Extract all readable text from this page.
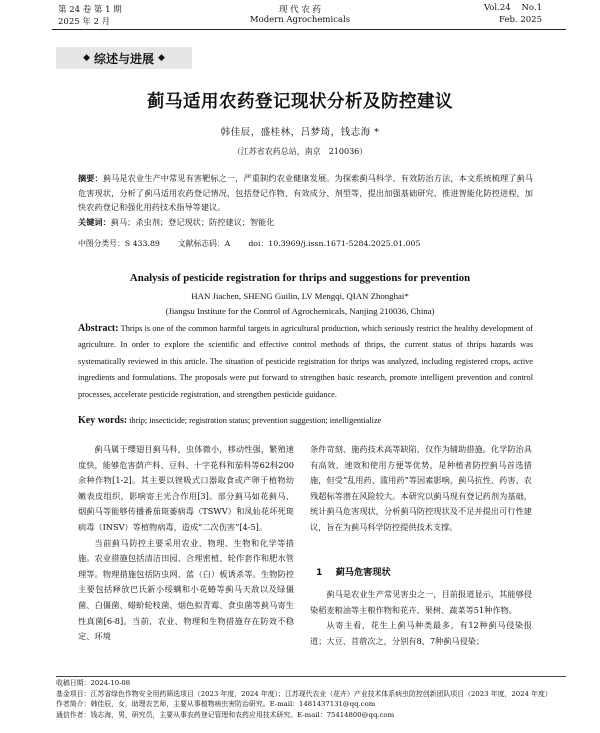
第 24 卷 第 1 期
2025 年 2 月
现 代 农 药
Modern Agrochemicals
Vol.24    No.1
Feb. 2025
◆ 综述与进展 ◆
蓟马适用农药登记现状分析及防控建议
韩佳辰，盛桂林，吕梦琦，钱志海 *
（江苏省农药总站，南京　210036）
摘要：蓟马是农业生产中常见有害靶标之一，严重制约农业健康发展。为探索蓟马科学、有效防治方法，本文系统梳理了蓟马危害现状，分析了蓟马适用农药登记情况，包括登记作物、有效成分、剂型等，提出加强基础研究、推进智能化防控进程，加快农药登记和强化用药技术指导等建议。
关键词：蓟马；杀虫剂；登记现状；防控建议；智能化
中图分类号：S 433.89 文献标志码：A doi：10.3969/j.issn.1671-5284.2025.01.005
Analysis of pesticide registration for thrips and suggestions for prevention
HAN Jiachen, SHENG Guilin, LV Mengqi, QIAN Zhonghai*
(Jiangsu Institute for the Control of Agrochemicals, Nanjing 210036, China)
Abstract: Thrips is one of the common harmful targets in agricultural production, which seriously restrict the healthy development of agriculture. In order to explore the scientific and effective control methods of thrips, the current status of thrips hazards was systematically reviewed in this article. The situation of pesticide registration for thrips was analyzed, including registered crops, active ingredients and formulations. The proposals were put forward to strengthen basic research, promote intelligent prevention and control processes, accelerate pesticide registration, and strengthen pesticide guidance.
Key words: thrip; insecticide; registration status; prevention suggestion; intelligentialize
蓟马属于缨翅目蓟马科，虫体微小，移动性强，繁殖速度快，能够危害荫产科、豆科、十字花科和茄科等62科200余种作物[1-2]。其主要以锉吸式口器取食或产卵于植物幼嫩表皮组织，影响寄主光合作用[3]。部分蓟马如花蓟马、烟蓟马等能够传播番茄斑萎病毒（TSWV）和凤仙花坏死斑病毒（INSV）等植物病毒，造成“二次伤害”[4-5]。
当前蓟马防控主要采用农业、物理、生物和化学等措施。农业措施包括清洁田园、合理密植、轮作套作和肥水管理等。物理措施包括防虫网、蓝（白）板诱杀等。生物防控主要包括释放巴氏新小绥螨和小花蝽等蓟马天敌以及绿僵菌、白僵菌、蜡蚧轮枝菌、烟色拟青霉、食虫菌等蓟马寄生性真菌[6-8]。当前，农业、物理和生物措施存在防效不稳定、环境
条件苛刻、施药技术高等缺陷，仅作为辅助措施。化学防治具有高效、速效和使用方便等优势，是种植者防控蓟马首选措施，但受“乱用药、滥用药”等因素影响，蓟马抗性、药害、农残超标等潜在风险较大。本研究以蓟马现有登记药剂为基础，统计蓟马危害现状，分析蓟马防控现状及不足并提出可行性建议，旨在为蓟马科学防控提供技术支撑。
1 蓟马危害现状
蓟马是农业生产常见害虫之一，目前报道显示，其能够侵染稻麦粮油等主粮作物和花卉、果树、蔬菜等51种作物。
从寄主看，花生上蓟马种类最多，有12种蓟马侵染报道；大豆、苜蓿次之，分别有8、7种蓟马侵染；
收稿日期：2024-10-08
基金项目：江苏省绿色作物安全用药筛选项目（2023 年度，2024 年度）；江苏现代农业（花卉）产业技术体系病虫防控创新团队项目（2023 年度，2024 年度）
作者简介：韩佳辰，女，助理农艺师，主要从事植物病虫害防治研究。E-mail：1481437131@qq.com
通信作者：钱志海，男，研究员，主要从事农药登记管理和农药应用技术研究。E-mail：75414800@qq.com
